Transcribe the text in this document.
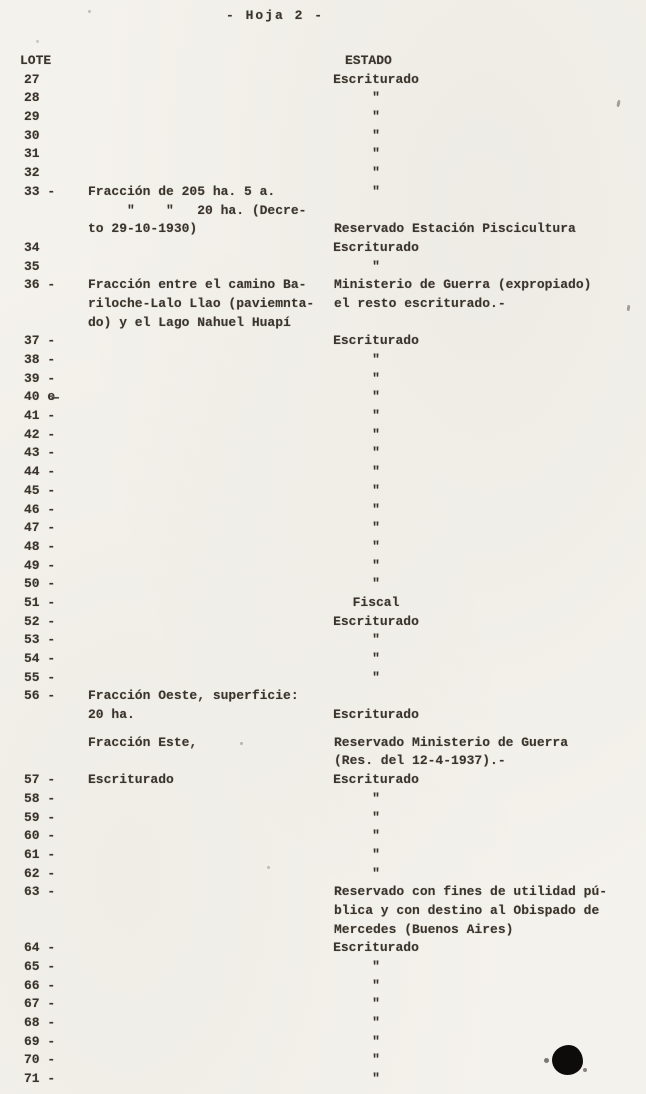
- Hoja 2 -
LOTE	ESTADO
27	Escriturado
28	"
29	"
30	"
31	"
32	"
33 -	Fracción de 205 ha. 5 a.	"
"    "   20 ha. (Decre-
to 29-10-1930)	Reservado Estación Piscicultura
34	Escriturado
35	"
36 -	Fracción entre el camino Ba-	Ministerio de Guerra (expropiado)
riloche-Lalo Llao (paviemnta-	el resto escriturado.-
do) y el Lago Nahuel Huapí
37 -	Escriturado
38 -	"
39 -	"
40 e̶	"
41 -	"
42 -	"
43 -	"
44 -	"
45 -	"
46 -	"
47 -	"
48 -	"
49 -	"
50 -	"
51 -	Fiscal
52 -	Escriturado
53 -	"
54 -	"
55 -	"
56 -	Fracción Oeste, superficie:
20 ha.	Escriturado
Fracción Este,	Reservado Ministerio de Guerra
(Res. del 12-4-1937).-
57 -	Escriturado	Escriturado
58 -	"
59 -	"
60 -	"
61 -	"
62 -	"
63 -	Reservado con fines de utilidad pú-
blica y con destino al Obispado de
Mercedes (Buenos Aires)
64 -	Escriturado
65 -	"
66 -	"
67 -	"
68 -	"
69 -	"
70 -	"
71 -	"
